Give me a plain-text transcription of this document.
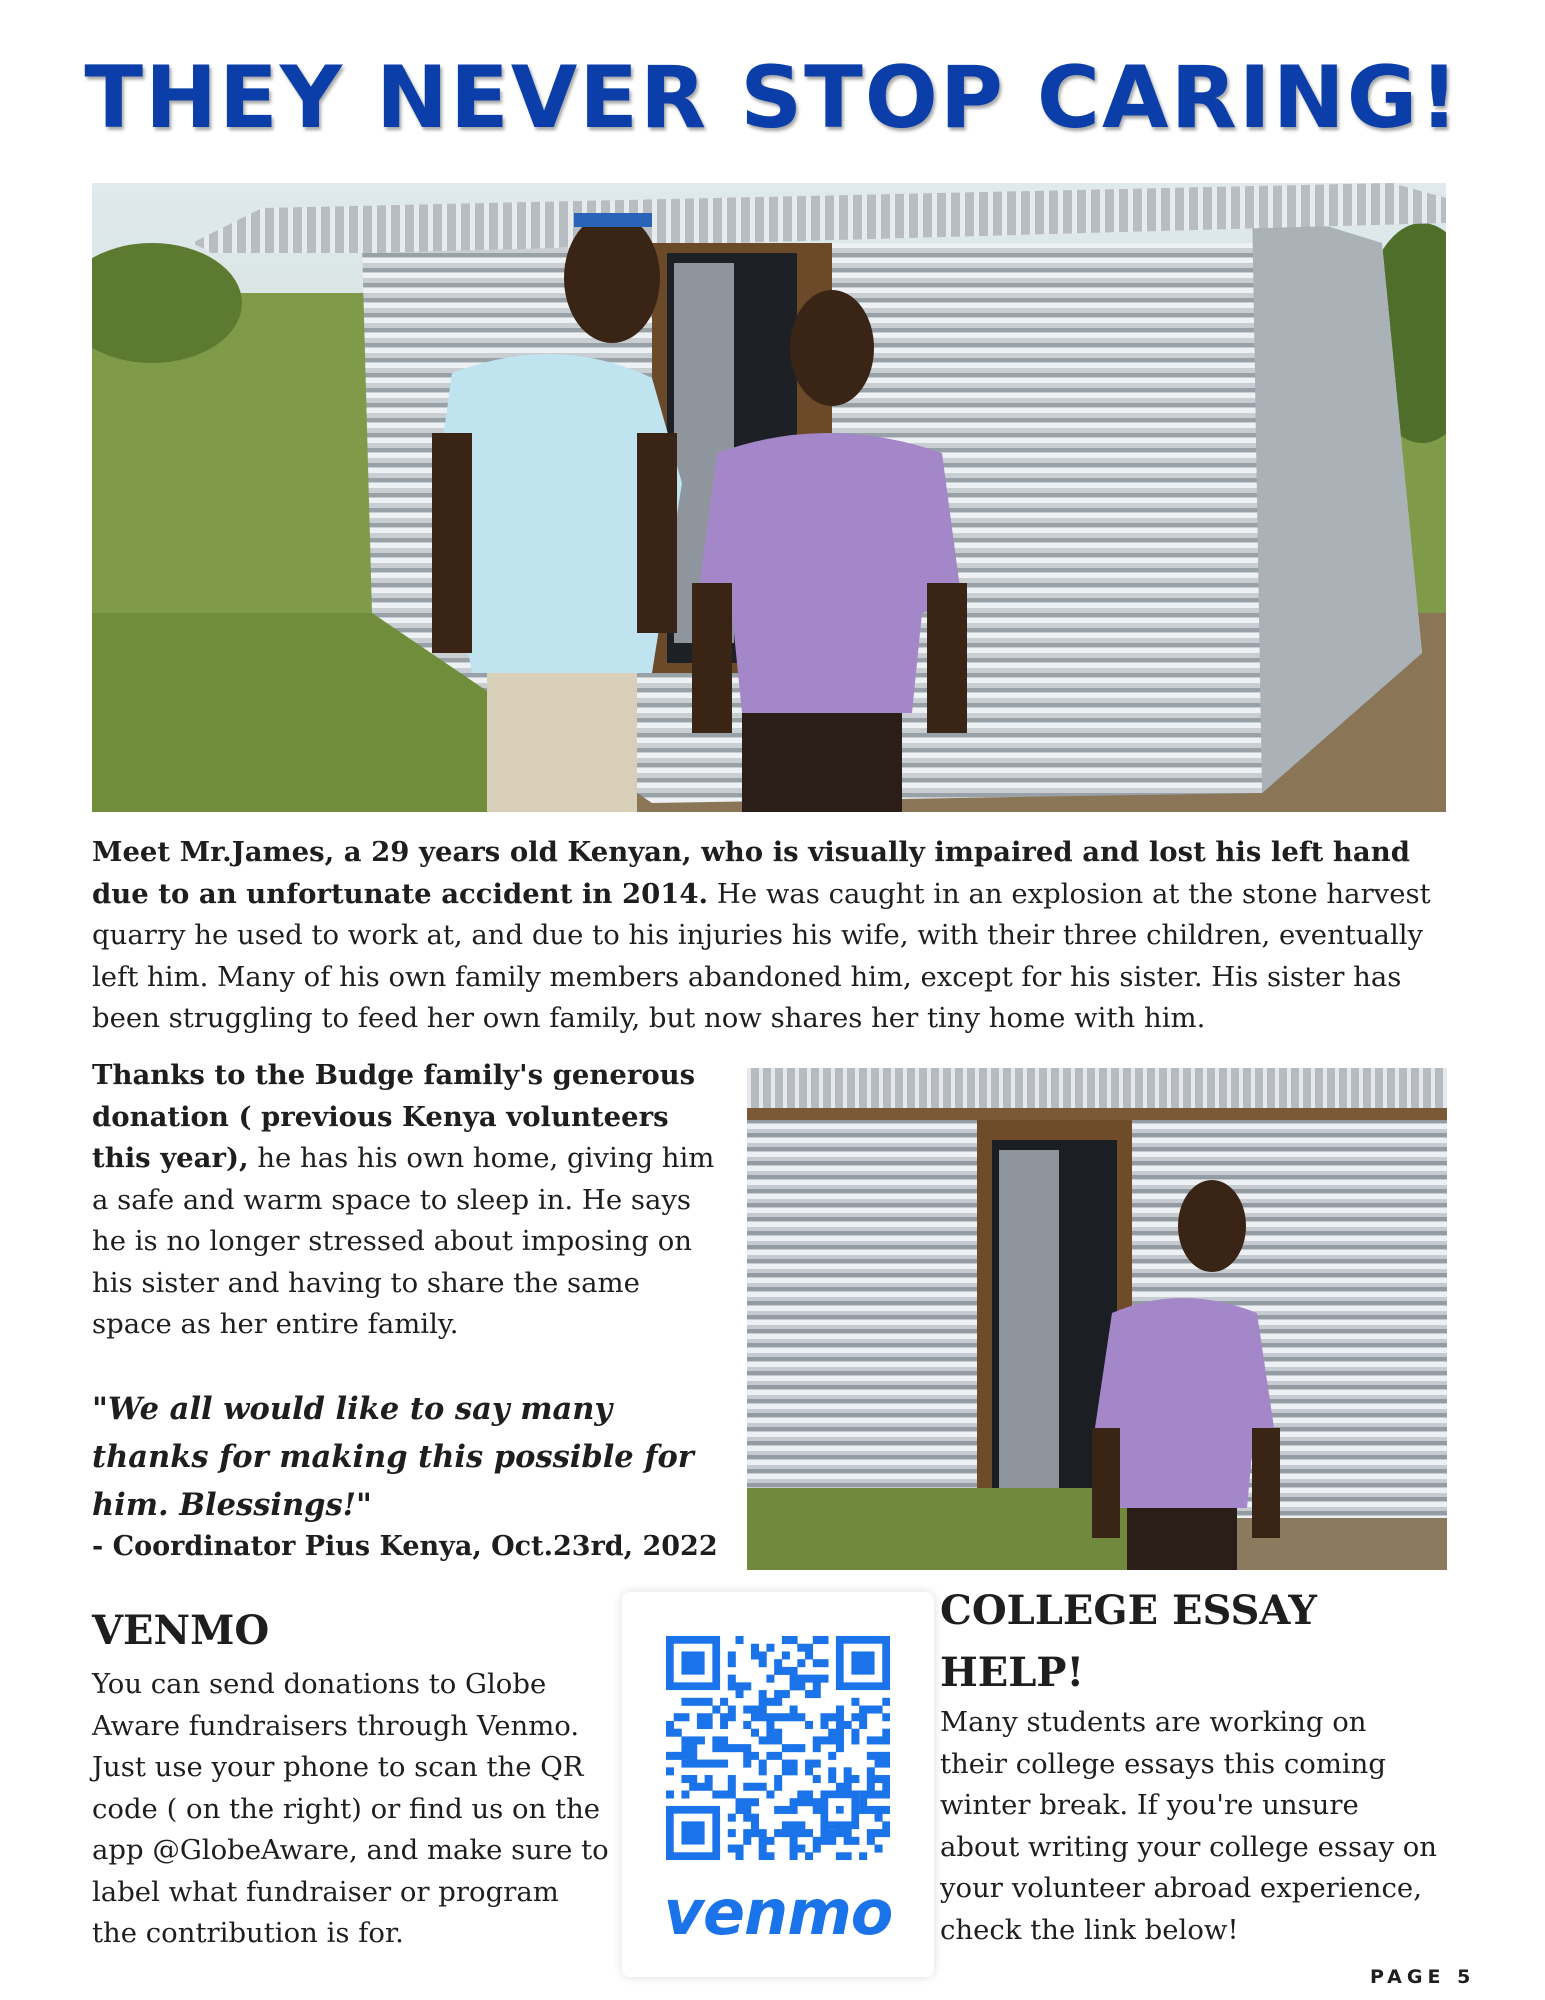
THEY NEVER STOP CARING!

Meet Mr.James, a 29 years old Kenyan, who is visually impaired and lost his left hand due to an unfortunate accident in 2014. He was caught in an explosion at the stone harvest quarry he used to work at, and due to his injuries his wife, with their three children, eventually left him. Many of his own family members abandoned him, except for his sister. His sister has been struggling to feed her own family, but now shares her tiny home with him.

Thanks to the Budge family's generous donation ( previous Kenya volunteers this year), he has his own home, giving him a safe and warm space to sleep in. He says he is no longer stressed about imposing on his sister and having to share the same space as her entire family.

"We all would like to say many thanks for making this possible for him. Blessings!"

- Coordinator Pius Kenya, Oct.23rd, 2022

VENMO

You can send donations to Globe Aware fundraisers through Venmo. Just use your phone to scan the QR code ( on the right) or find us on the app @GlobeAware, and make sure to label what fundraiser or program the contribution is for.	venmo
COLLEGE ESSAY HELP!

Many students are working on their college essays this coming winter break. If you're unsure about writing your college essay on your volunteer abroad experience, check the link below!

PAGE 5
